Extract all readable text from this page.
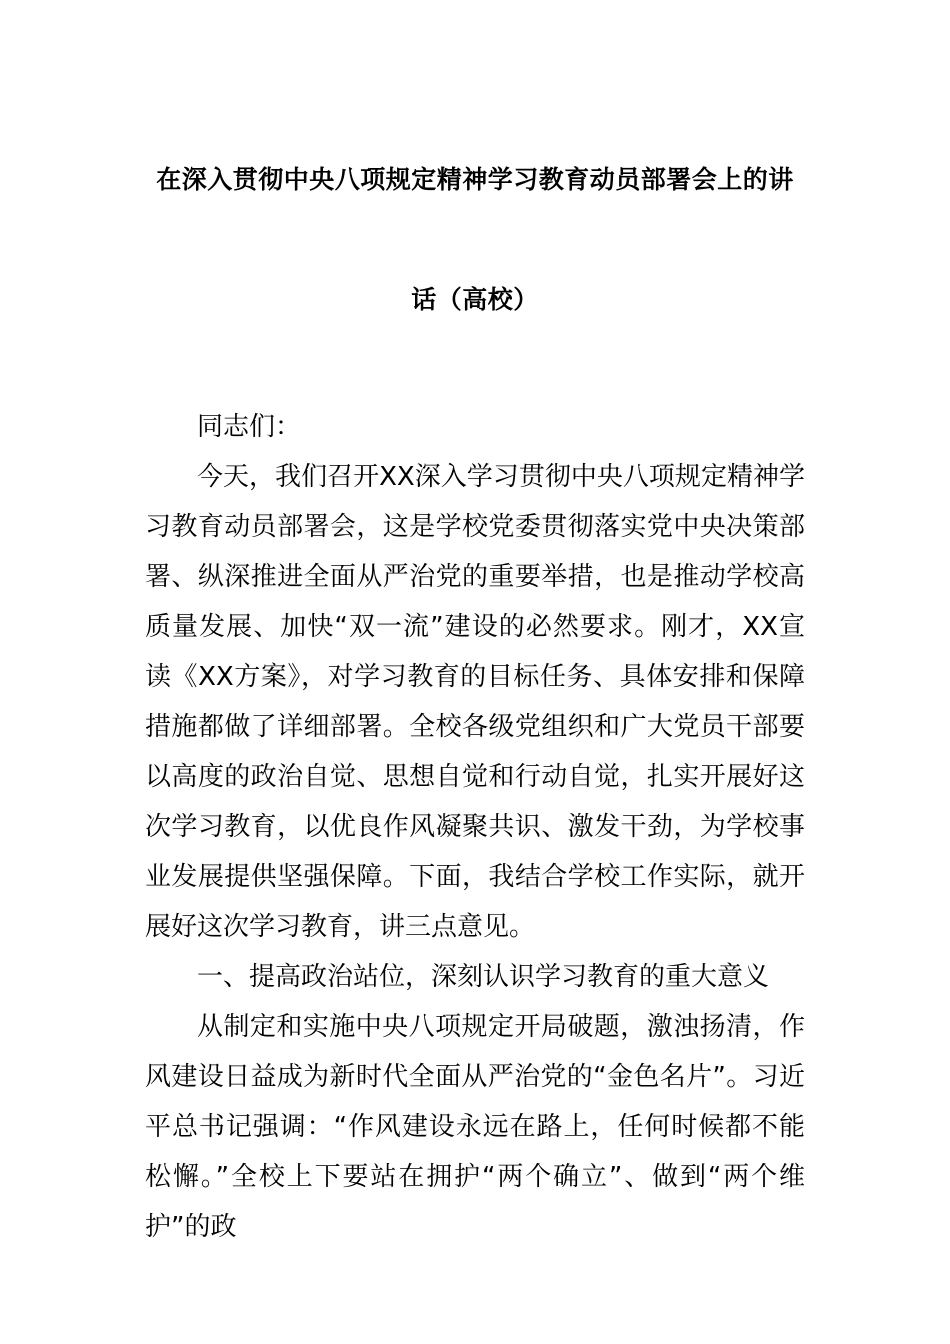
在深入贯彻中央八项规定精神学习教育动员部署会上的讲
话（高校）

同志们：

今天，我们召开XX深入学习贯彻中央八项规定精神学习教育动员部署会，这是学校党委贯彻落实党中央决策部署、纵深推进全面从严治党的重要举措，也是推动学校高质量发展、加快“双一流”建设的必然要求。刚才，XX宣读《XX方案》，对学习教育的目标任务、具体安排和保障措施都做了详细部署。全校各级党组织和广大党员干部要以高度的政治自觉、思想自觉和行动自觉，扎实开展好这次学习教育，以优良作风凝聚共识、激发干劲，为学校事业发展提供坚强保障。下面，我结合学校工作实际，就开展好这次学习教育，讲三点意见。

一、提高政治站位，深刻认识学习教育的重大意义

从制定和实施中央八项规定开局破题，激浊扬清，作风建设日益成为新时代全面从严治党的“金色名片”。习近平总书记强调：“作风建设永远在路上，任何时候都不能松懈。”全校上下要站在拥护“两个确立”、做到“两个维护”的政
